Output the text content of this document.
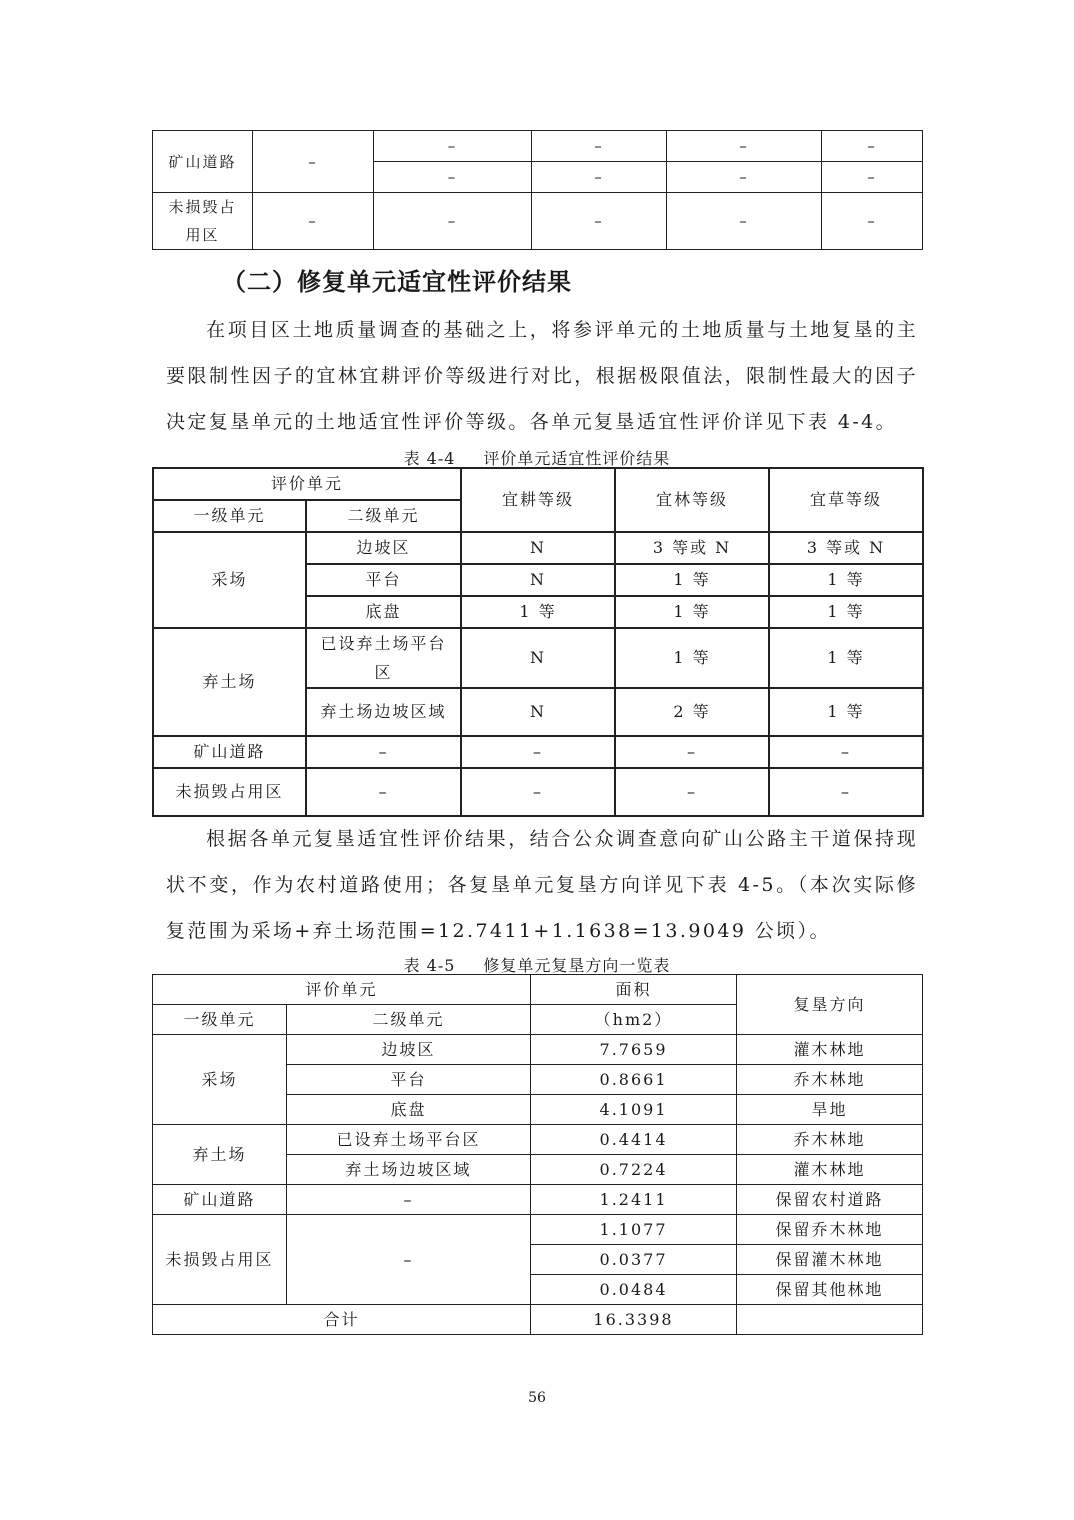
矿山道路	–	–	–	–	–
		–	–	–	–
未损毁占用区	–	–	–	–	–
（二）修复单元适宜性评价结果
在项目区土地质量调查的基础之上，将参评单元的土地质量与土地复垦的主要限制性因子的宜林宜耕评价等级进行对比，根据极限值法，限制性最大的因子决定复垦单元的土地适宜性评价等级。各单元复垦适宜性评价详见下表 4-4。
表 4-4 评价单元适宜性评价结果
评价单元		宜耕等级	宜林等级	宜草等级
一级单元	二级单元			
采场	边坡区	N	3 等或 N	3 等或 N
	平台	N	1 等	1 等
	底盘	1 等	1 等	1 等
弃土场	已设弃土场平台区	N	1 等	1 等
	弃土场边坡区域	N	2 等	1 等
矿山道路	–	–	–	–
未损毁占用区	–	–	–	–
根据各单元复垦适宜性评价结果，结合公众调查意向矿山公路主干道保持现状不变，作为农村道路使用；各复垦单元复垦方向详见下表 4-5。（本次实际修复范围为采场+弃土场范围=12.7411+1.1638=13.9049 公顷）。
表 4-5 修复单元复垦方向一览表
评价单元		面积	复垦方向
一级单元	二级单元	（hm2）	
采场	边坡区	7.7659	灌木林地
	平台	0.8661	乔木林地
	底盘	4.1091	旱地
弃土场	已设弃土场平台区	0.4414	乔木林地
	弃土场边坡区域	0.7224	灌木林地
矿山道路	–	1.2411	保留农村道路
未损毁占用区	–	1.1077	保留乔木林地
		0.0377	保留灌木林地
		0.0484	保留其他林地
合计		16.3398	
56
